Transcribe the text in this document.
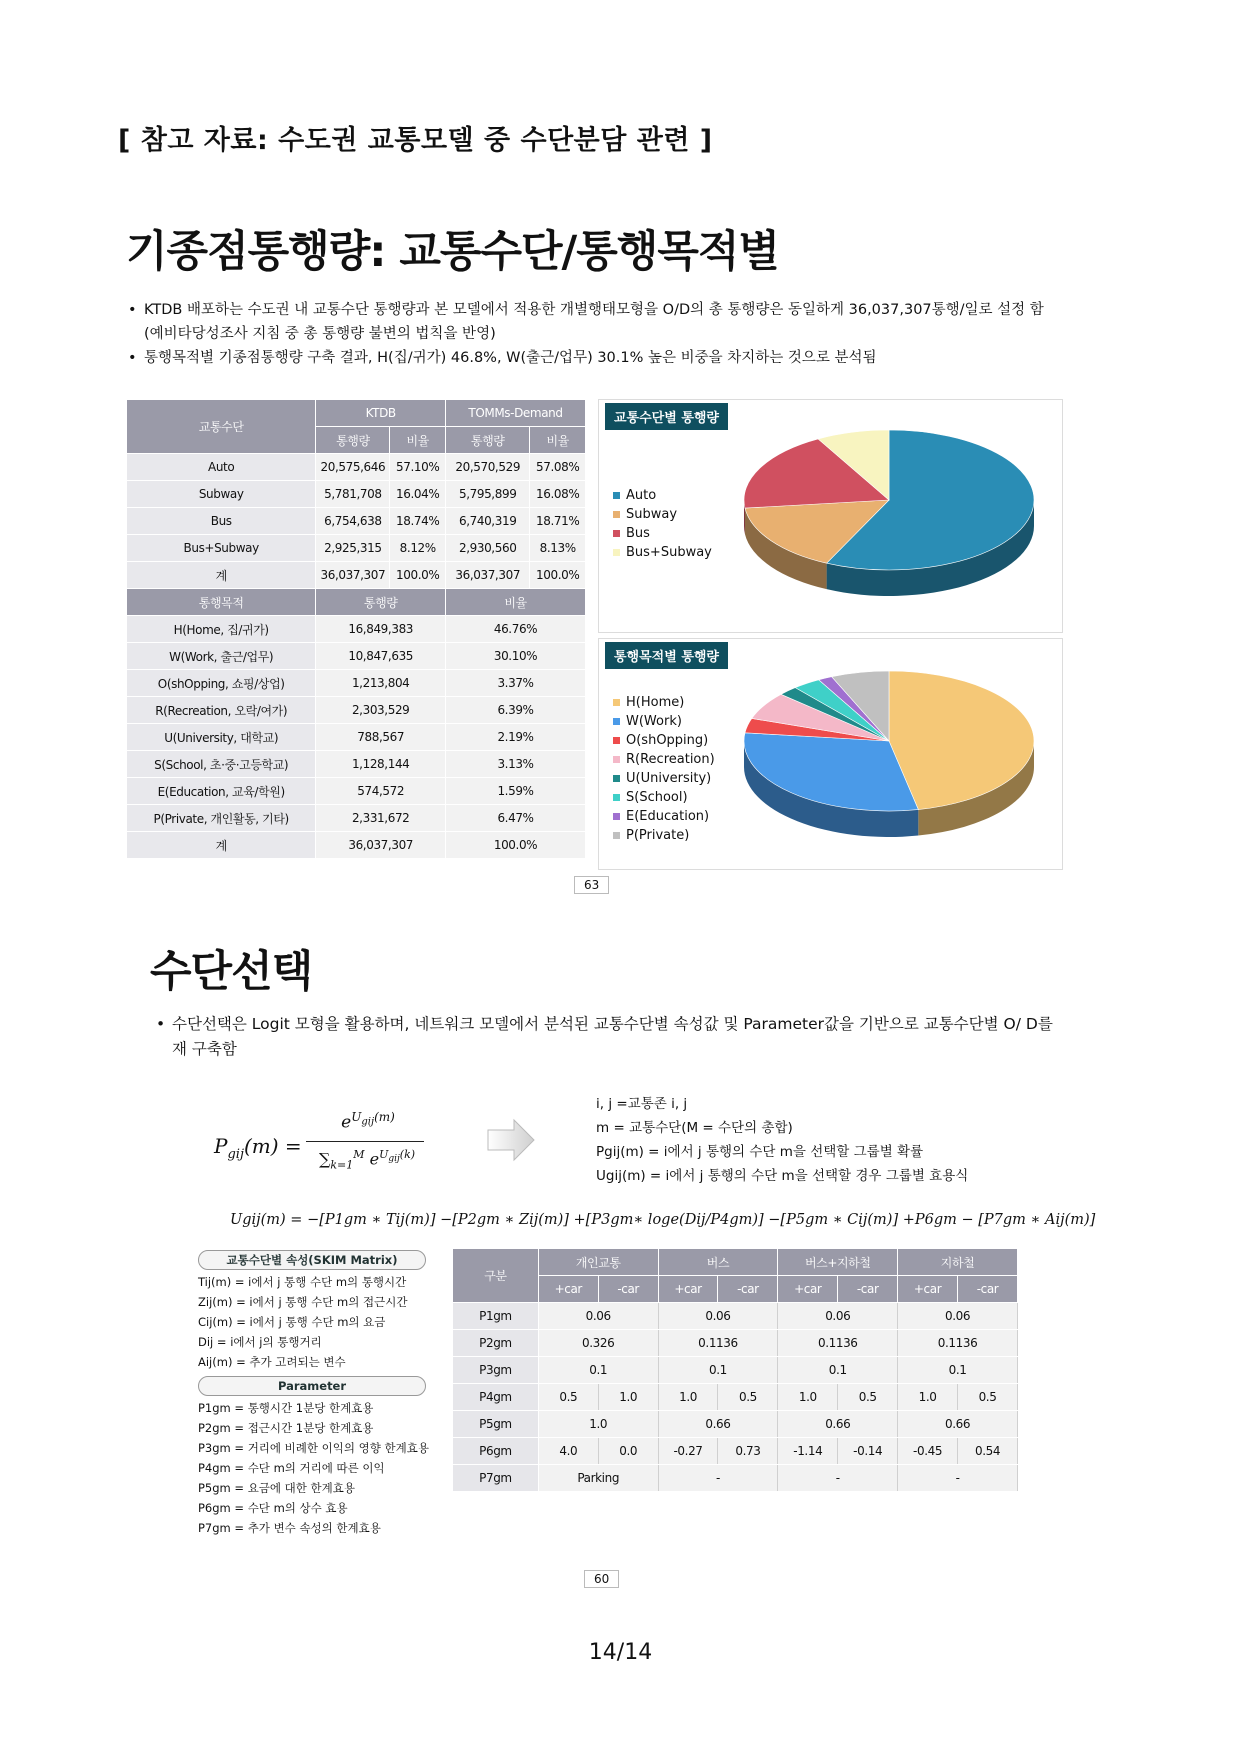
[ 참고 자료: 수도권 교통모델 중 수단분담 관련 ]
기종점통행량: 교통수단/통행목적별
• KTDB 배포하는 수도권 내 교통수단 통행량과 본 모델에서 적용한 개별행태모형을 O/D의 총 통행량은 동일하게 36,037,307통행/일로 설정 함 (예비타당성조사 지침 중 총 통행량 불변의 법칙을 반영)
• 통행목적별 기종점통행량 구축 결과, H(집/귀가) 46.8%, W(출근/업무) 30.1% 높은 비중을 차지하는 것으로 분석됨
교통수단	KTDB		TOMMs-Demand	
	통행량	비율	통행량	비율
Auto	20,575,646	57.10%	20,570,529	57.08%
Subway	5,781,708	16.04%	5,795,899	16.08%
Bus	6,754,638	18.74%	6,740,319	18.71%
Bus+Subway	2,925,315	8.12%	2,930,560	8.13%
계	36,037,307	100.0%	36,037,307	100.0%
통행목적	통행량		비율	
H(Home, 집/귀가)	16,849,383		46.76%	
W(Work, 출근/업무)	10,847,635		30.10%	
O(shOpping, 쇼핑/상업)	1,213,804		3.37%	
R(Recreation, 오락/여가)	2,303,529		6.39%	
U(University, 대학교)	788,567		2.19%	
S(School, 초·중·고등학교)	1,128,144		3.13%	
E(Education, 교육/학원)	574,572		1.59%	
P(Private, 개인활동, 기타)	2,331,672		6.47%	
계	36,037,307		100.0%	
교통수단별 통행량
Auto
Subway
Bus
Bus+Subway
통행목적별 통행량
H(Home)
W(Work)
O(shOpping)
R(Recreation)
U(University)
S(School)
E(Education)
P(Private)
63
수단선택
• 수단선택은 Logit 모형을 활용하며, 네트워크 모델에서 분석된 교통수단별 속성값 및 Parameter값을 기반으로 교통수단별 O/ D를 재 구축함
$P_{gij}(m)$ =
$e^{U_{gij}(m)}$
$\sum_{k=1}^M$ $e^{U_{gij}(k)}$
i, j =교통존 i, j
m = 교통수단(M = 수단의 총합)
Pgij(m) = i에서 j 통행의 수단 m을 선택할 그룹별 확률
Ugij(m) = i에서 j 통행의 수단 m을 선택할 경우 그룹별 효용식
Ugij(m) = −[P1gm ∗ Tij(m)] −[P2gm ∗ Zij(m)] +[P3gm∗ loge(Dij/P4gm)] −[P5gm ∗ Cij(m)] +P6gm − [P7gm ∗ Aij(m)]
교통수단별 속성(SKIM Matrix)
Tij(m) = i에서 j 통행 수단 m의 통행시간
Zij(m) = i에서 j 통행 수단 m의 접근시간
Cij(m) = i에서 j 통행 수단 m의 요금
Dij = i에서 j의 통행거리
Aij(m) = 추가 고려되는 변수
Parameter
P1gm = 통행시간 1분당 한계효용
P2gm = 접근시간 1분당 한계효용
P3gm = 거리에 비례한 이익의 영향 한계효용
P4gm = 수단 m의 거리에 따른 이익
P5gm = 요금에 대한 한계효용
P6gm = 수단 m의 상수 효용
P7gm = 추가 변수 속성의 한계효용
구분	개인교통		버스		버스+지하철		지하철	
	+car	-car	+car	-car	+car	-car	+car	-car
P1gm	0.06		0.06		0.06		0.06	
P2gm	0.326		0.1136		0.1136		0.1136	
P3gm	0.1		0.1		0.1		0.1	
P4gm	0.5	1.0	1.0	0.5	1.0	0.5	1.0	0.5
P5gm	1.0		0.66		0.66		0.66	
P6gm	4.0	0.0	-0.27	0.73	-1.14	-0.14	-0.45	0.54
P7gm	Parking		-		-		-	
60
14/14
